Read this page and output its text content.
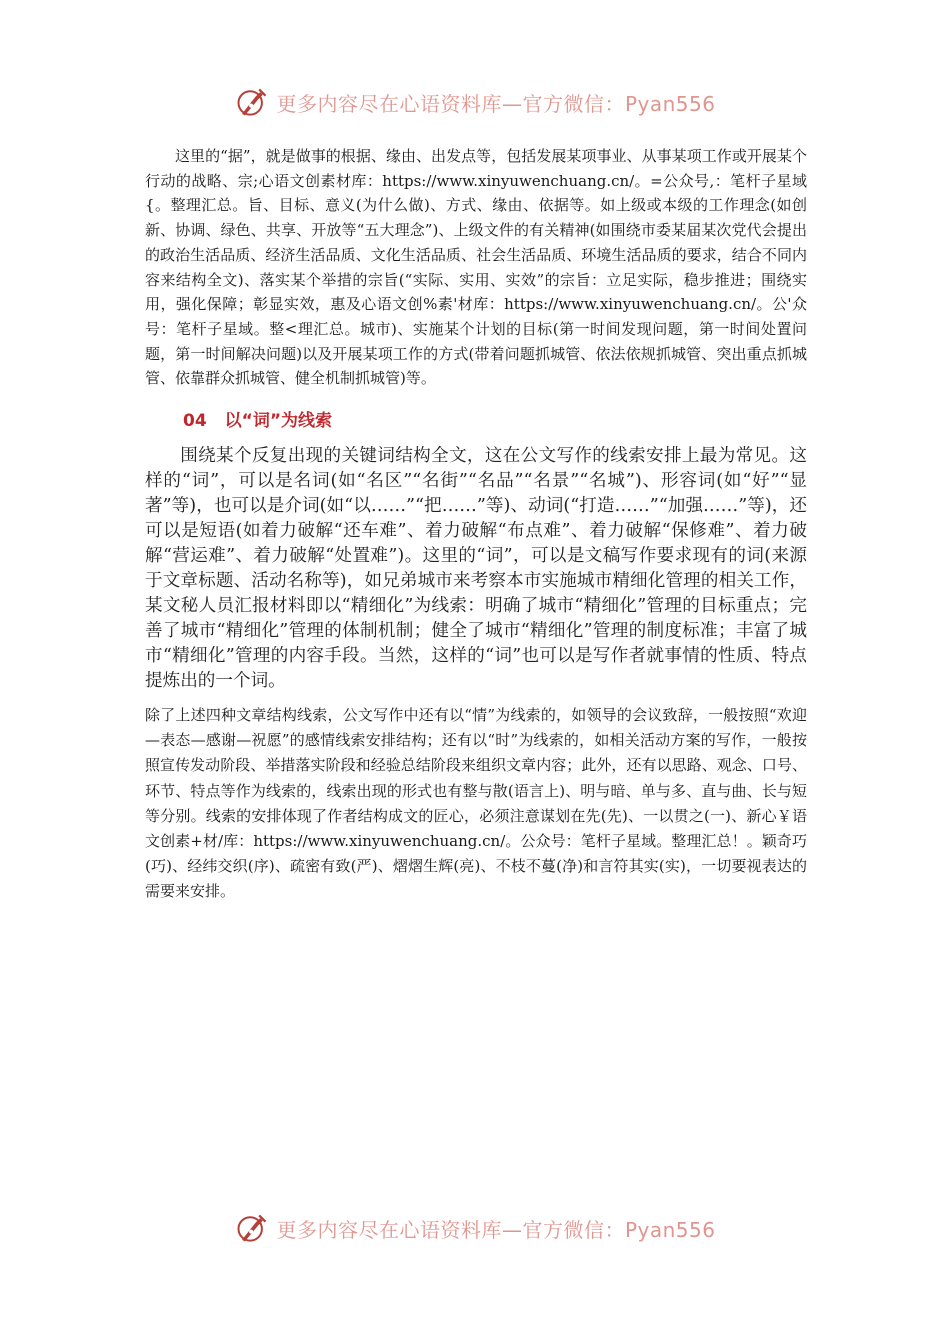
更多内容尽在心语资料库—官方微信：Pyan556

这里的“据”，就是做事的根据、缘由、出发点等，包括发展某项事业、从事某项工作或开展某个行动的战略、宗;心语文创素材库：https://www.xinyuwenchuang.cn/。=公众号,：笔杆子星域{。整理汇总。旨、目标、意义(为什么做)、方式、缘由、依据等。如上级或本级的工作理念(如创新、协调、绿色、共享、开放等“五大理念”)、上级文件的有关精神(如围绕市委某届某次党代会提出的政治生活品质、经济生活品质、文化生活品质、社会生活品质、环境生活品质的要求，结合不同内容来结构全文)、落实某个举措的宗旨(“实际、实用、实效”的宗旨：立足实际，稳步推进；围绕实用，强化保障；彰显实效，惠及心语文创%素'材库：https://www.xinyuwenchuang.cn/。公'众号：笔杆子星域。整<理汇总。城市)、实施某个计划的目标(第一时间发现问题，第一时间处置问题，第一时间解决问题)以及开展某项工作的方式(带着问题抓城管、依法依规抓城管、突出重点抓城管、依靠群众抓城管、健全机制抓城管)等。

04 以“词”为线索

围绕某个反复出现的关键词结构全文，这在公文写作的线索安排上最为常见。这样的“词”，可以是名词(如“名区”“名街”“名品”“名景”“名城”)、形容词(如“好”“显著”等)，也可以是介词(如“以……”“把……”等)、动词(“打造……”“加强……”等)，还可以是短语(如着力破解“还车难”、着力破解“布点难”、着力破解“保修难”、着力破解“营运难”、着力破解“处置难”)。这里的“词”，可以是文稿写作要求现有的词(来源于文章标题、活动名称等)，如兄弟城市来考察本市实施城市精细化管理的相关工作，某文秘人员汇报材料即以“精细化”为线索：明确了城市“精细化”管理的目标重点；完善了城市“精细化”管理的体制机制；健全了城市“精细化”管理的制度标准；丰富了城市“精细化”管理的内容手段。当然，这样的“词”也可以是写作者就事情的性质、特点提炼出的一个词。

除了上述四种文章结构线索，公文写作中还有以“情”为线索的，如领导的会议致辞，一般按照“欢迎—表态—感谢—祝愿”的感情线索安排结构；还有以“时”为线索的，如相关活动方案的写作，一般按照宣传发动阶段、举措落实阶段和经验总结阶段来组织文章内容；此外，还有以思路、观念、口号、环节、特点等作为线索的，线索出现的形式也有整与散(语言上)、明与暗、单与多、直与曲、长与短等分别。线索的安排体现了作者结构成文的匠心，必须注意谋划在先(先)、一以贯之(一)、新心￥语文创素+材/库：https://www.xinyuwenchuang.cn/。公众号：笔杆子星域。整理汇总！。颖奇巧(巧)、经纬交织(序)、疏密有致(严)、熠熠生辉(亮)、不枝不蔓(净)和言符其实(实)，一切要视表达的需要来安排。

更多内容尽在心语资料库—官方微信：Pyan556
